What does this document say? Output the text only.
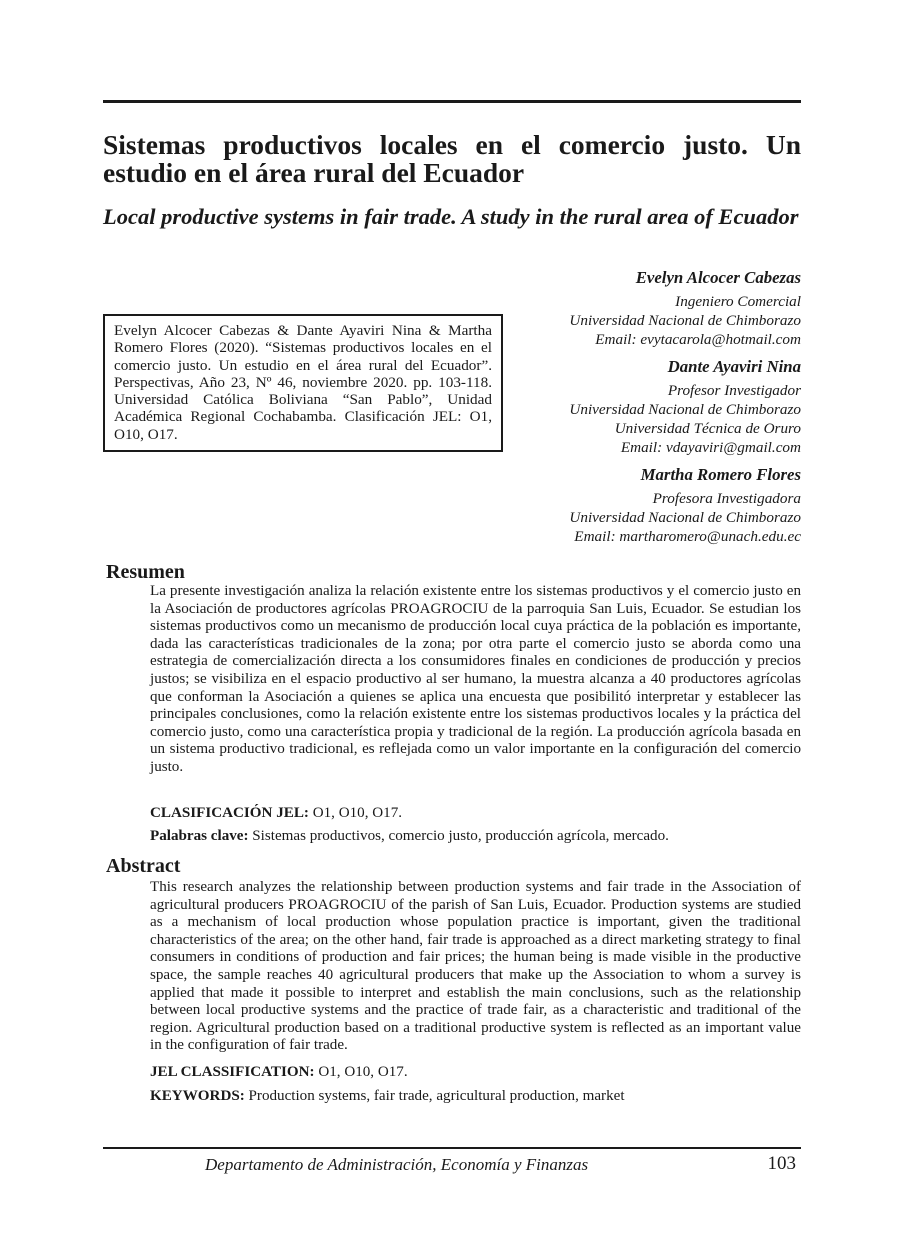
Sistemas productivos locales en el comercio justo. Un estudio en el área rural del Ecuador
Local productive systems in fair trade. A study in the rural area of Ecuador
Evelyn Alcocer Cabezas & Dante Ayaviri Nina & Martha Romero Flores (2020). “Sistemas productivos locales en el comercio justo. Un estudio en el área rural del Ecuador”. Perspectivas, Año 23, Nº 46, noviembre 2020. pp. 103-118. Universidad Católica Boliviana “San Pablo”, Unidad Académica Regional Cochabamba. Clasificación JEL: O1, O10, O17.
Evelyn Alcocer Cabezas
Ingeniero Comercial
Universidad Nacional de Chimborazo
Email: evytacarola@hotmail.com
Dante Ayaviri Nina
Profesor Investigador
Universidad Nacional de Chimborazo
Universidad Técnica de Oruro
Email: vdayaviri@gmail.com
Martha Romero Flores
Profesora Investigadora
Universidad Nacional de Chimborazo
Email: martharomero@unach.edu.ec
Resumen

La presente investigación analiza la relación existente entre los sistemas productivos y el comercio justo en la Asociación de productores agrícolas PROAGROCIU de la parroquia San Luis, Ecuador. Se estudian los sistemas productivos como un mecanismo de producción local cuya práctica de la población es importante, dada las características tradicionales de la zona; por otra parte el comercio justo se aborda como una estrategia de comercialización directa a los consumidores finales en condiciones de producción y precios justos; se visibiliza en el espacio productivo al ser humano, la muestra alcanza a 40 productores agrícolas que conforman la Asociación a quienes se aplica una encuesta que posibilitó interpretar y establecer las principales conclusiones, como la relación existente entre los sistemas productivos locales y la práctica del comercio justo, como una característica propia y tradicional de la región. La producción agrícola basada en un sistema productivo tradicional, es reflejada como un valor importante en la configuración del comercio justo.

CLASIFICACIÓN JEL: O1, O10, O17.
Palabras clave: Sistemas productivos, comercio justo, producción agrícola, mercado.
Abstract

This research analyzes the relationship between production systems and fair trade in the Association of agricultural producers PROAGROCIU of the parish of San Luis, Ecuador. Production systems are studied as a mechanism of local production whose population practice is important, given the traditional characteristics of the area; on the other hand, fair trade is approached as a direct marketing strategy to final consumers in conditions of production and fair prices; the human being is made visible in the productive space, the sample reaches 40 agricultural producers that make up the Association to whom a survey is applied that made it possible to interpret and establish the main conclusions, such as the relationship between local productive systems and the practice of trade fair, as a characteristic and traditional of the region. Agricultural production based on a traditional productive system is reflected as an important value in the configuration of fair trade.

JEL CLASSIFICATION: O1, O10, O17.
KEYWORDS: Production systems, fair trade, agricultural production, market
Departamento de Administración, Economía y Finanzas	103
